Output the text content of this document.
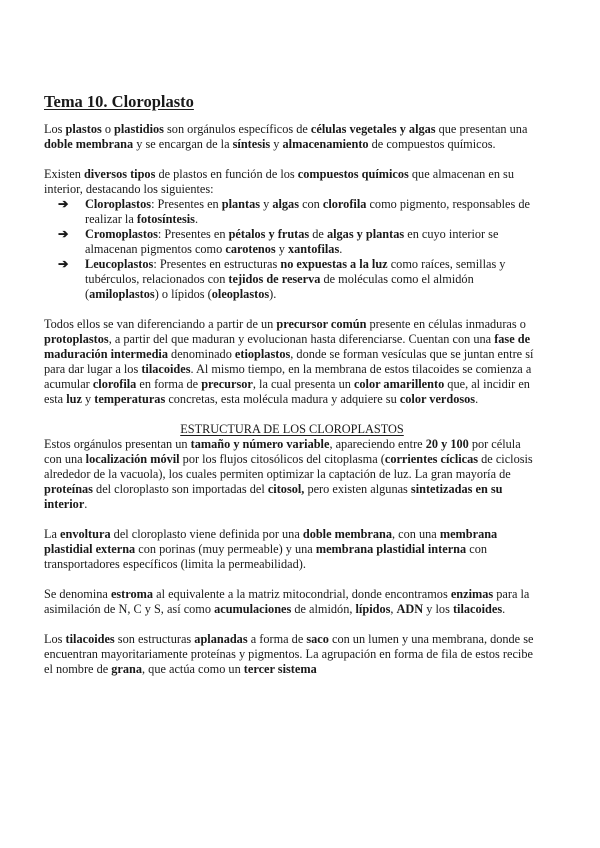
Tema 10. Cloroplasto

Los plastos o plastidios son orgánulos específicos de células vegetales y algas que presentan una doble membrana y se encargan de la síntesis y almacenamiento de compuestos químicos.

Existen diversos tipos de plastos en función de los compuestos químicos que almacenan en su interior, destacando los siguientes:

➔ Cloroplastos: Presentes en plantas y algas con clorofila como pigmento, responsables de realizar la fotosíntesis.
➔ Cromoplastos: Presentes en pétalos y frutas de algas y plantas en cuyo interior se almacenan pigmentos como carotenos y xantofilas.
➔ Leucoplastos: Presentes en estructuras no expuestas a la luz como raíces, semillas y tubérculos, relacionados con tejidos de reserva de moléculas como el almidón (amiloplastos) o lípidos (oleoplastos).

Todos ellos se van diferenciando a partir de un precursor común presente en células inmaduras o protoplastos, a partir del que maduran y evolucionan hasta diferenciarse. Cuentan con una fase de maduración intermedia denominado etioplastos, donde se forman vesículas que se juntan entre sí para dar lugar a los tilacoides. Al mismo tiempo, en la membrana de estos tilacoides se comienza a acumular clorofila en forma de precursor, la cual presenta un color amarillento que, al incidir en esta luz y temperaturas concretas, esta molécula madura y adquiere su color verdosos.

ESTRUCTURA DE LOS CLOROPLASTOS

Estos orgánulos presentan un tamaño y número variable, apareciendo entre 20 y 100 por célula con una localización móvil por los flujos citosólicos del citoplasma (corrientes cíclicas de ciclosis alrededor de la vacuola), los cuales permiten optimizar la captación de luz. La gran mayoría de proteínas del cloroplasto son importadas del citosol, pero existen algunas sintetizadas en su interior.

La envoltura del cloroplasto viene definida por una doble membrana, con una membrana plastidial externa con porinas (muy permeable) y una membrana plastidial interna con transportadores específicos (limita la permeabilidad).

Se denomina estroma al equivalente a la matriz mitocondrial, donde encontramos enzimas para la asimilación de N, C y S, así como acumulaciones de almidón, lípidos, ADN y los tilacoides.

Los tilacoides son estructuras aplanadas a forma de saco con un lumen y una membrana, donde se encuentran mayoritariamente proteínas y pigmentos. La agrupación en forma de fila de estos recibe el nombre de grana, que actúa como un tercer sistema
